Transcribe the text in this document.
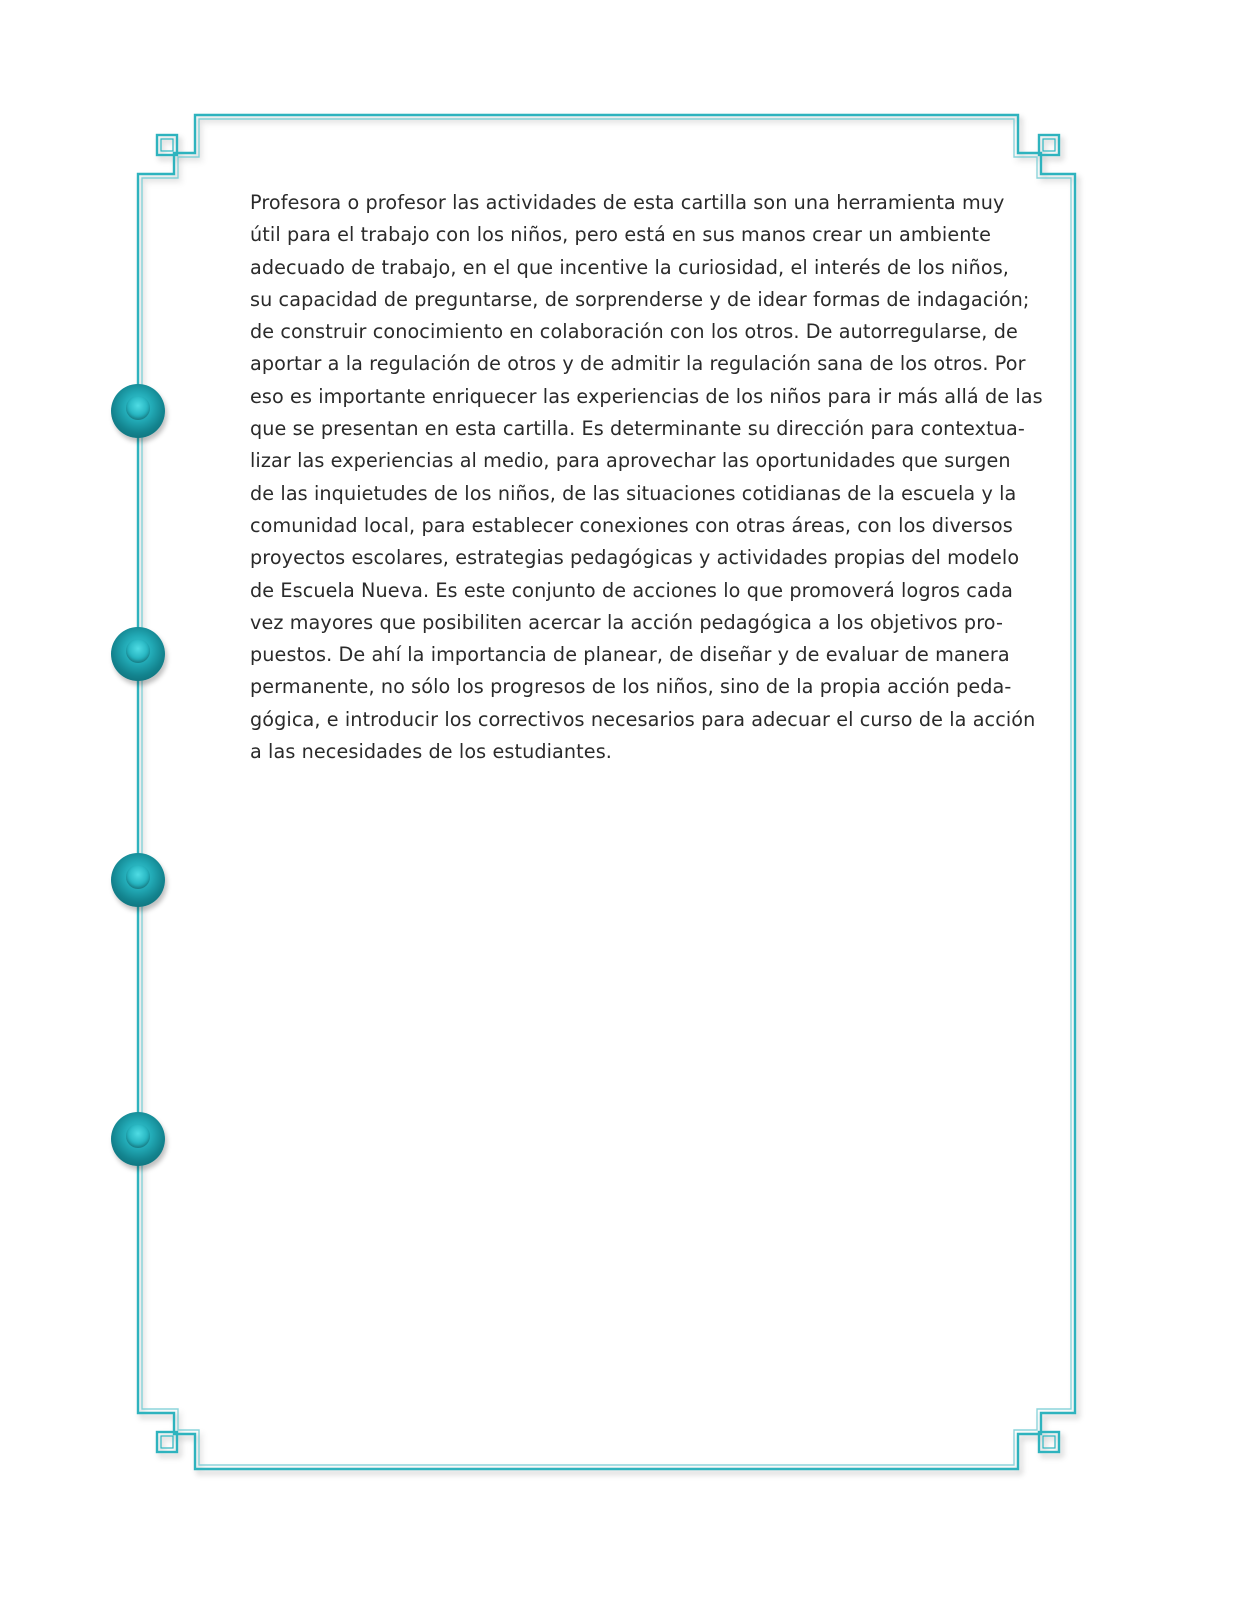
Profesora o profesor las actividades de esta cartilla son una herramienta muy
útil para el trabajo con los niños, pero está en sus manos crear un ambiente
adecuado de trabajo, en el que incentive la curiosidad, el interés de los niños,
su capacidad de preguntarse, de sorprenderse y de idear formas de indagación;
de construir conocimiento en colaboración con los otros. De autorregularse, de
aportar a la regulación de otros y de admitir la regulación sana de los otros. Por
eso es importante enriquecer las experiencias de los niños para ir más allá de las
que se presentan en esta cartilla. Es determinante su dirección para contextua-
lizar las experiencias al medio, para aprovechar las oportunidades que surgen
de las inquietudes de los niños, de las situaciones cotidianas de la escuela y la
comunidad local, para establecer conexiones con otras áreas, con los diversos
proyectos escolares, estrategias pedagógicas y actividades propias del modelo
de Escuela Nueva. Es este conjunto de acciones lo que promoverá logros cada
vez mayores que posibiliten acercar la acción pedagógica a los objetivos pro-
puestos. De ahí la importancia de planear, de diseñar y de evaluar de manera
permanente, no sólo los progresos de los niños, sino de la propia acción peda-
gógica, e introducir los correctivos necesarios para adecuar el curso de la acción
a las necesidades de los estudiantes.
